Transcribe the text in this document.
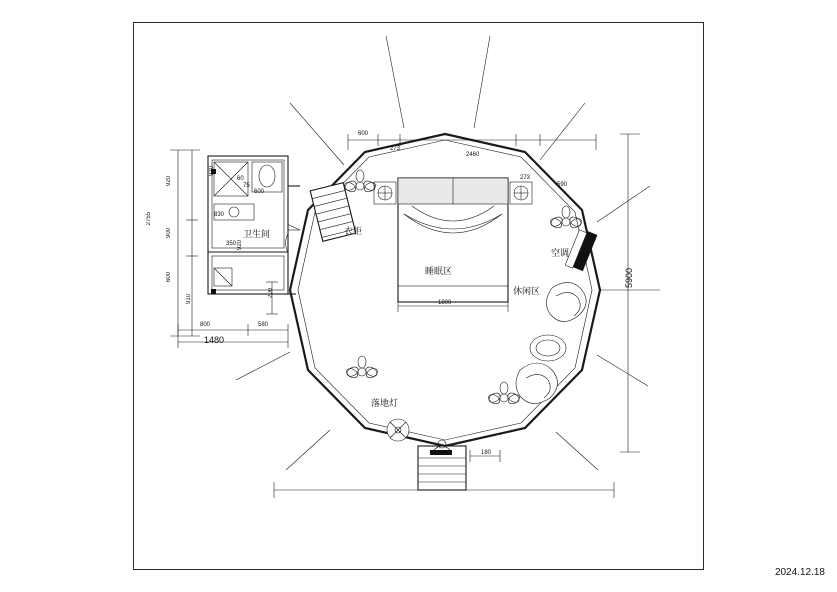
卫生间	衣柜
睡眠区
空调
休闲区
落地灯
2755
920
900
600
350
920
920
600
60
800	580
1480
5900
600
273
2460
273
590
1800
180
200
910
75
830
2024.12.18
